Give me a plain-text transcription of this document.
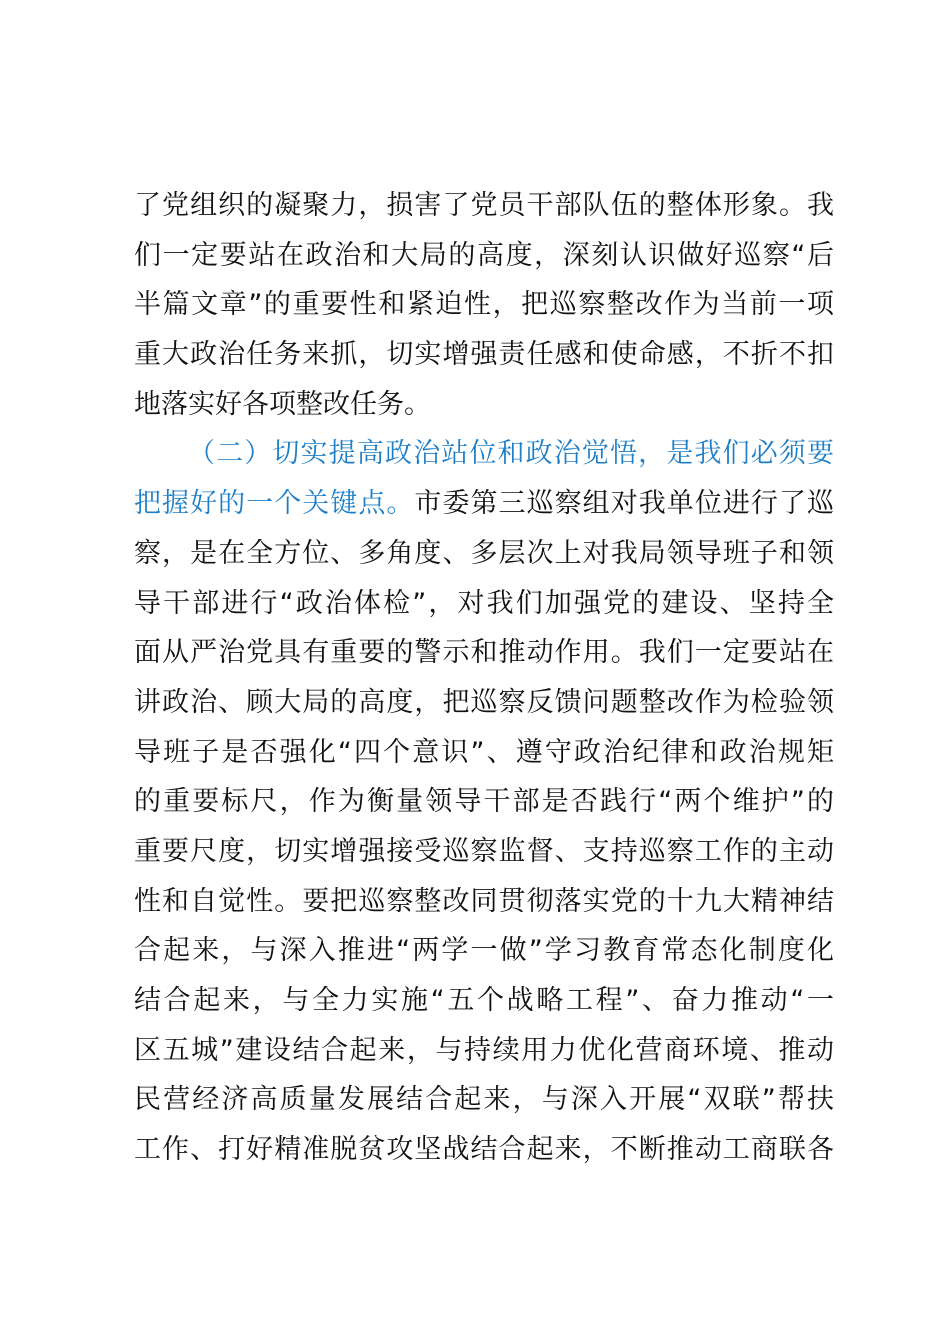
了党组织的凝聚力，损害了党员干部队伍的整体形象。我
们一定要站在政治和大局的高度，深刻认识做好巡察“后
半篇文章”的重要性和紧迫性，把巡察整改作为当前一项
重大政治任务来抓，切实增强责任感和使命感，不折不扣
地落实好各项整改任务。
（二）切实提高政治站位和政治觉悟，是我们必须要
把握好的一个关键点。市委第三巡察组对我单位进行了巡
察，是在全方位、多角度、多层次上对我局领导班子和领
导干部进行“政治体检”，对我们加强党的建设、坚持全
面从严治党具有重要的警示和推动作用。我们一定要站在
讲政治、顾大局的高度，把巡察反馈问题整改作为检验领
导班子是否强化“四个意识”、遵守政治纪律和政治规矩
的重要标尺，作为衡量领导干部是否践行“两个维护”的
重要尺度，切实增强接受巡察监督、支持巡察工作的主动
性和自觉性。要把巡察整改同贯彻落实党的十九大精神结
合起来，与深入推进“两学一做”学习教育常态化制度化
结合起来，与全力实施“五个战略工程”、奋力推动“一
区五城”建设结合起来，与持续用力优化营商环境、推动
民营经济高质量发展结合起来，与深入开展“双联”帮扶
工作、打好精准脱贫攻坚战结合起来，不断推动工商联各
